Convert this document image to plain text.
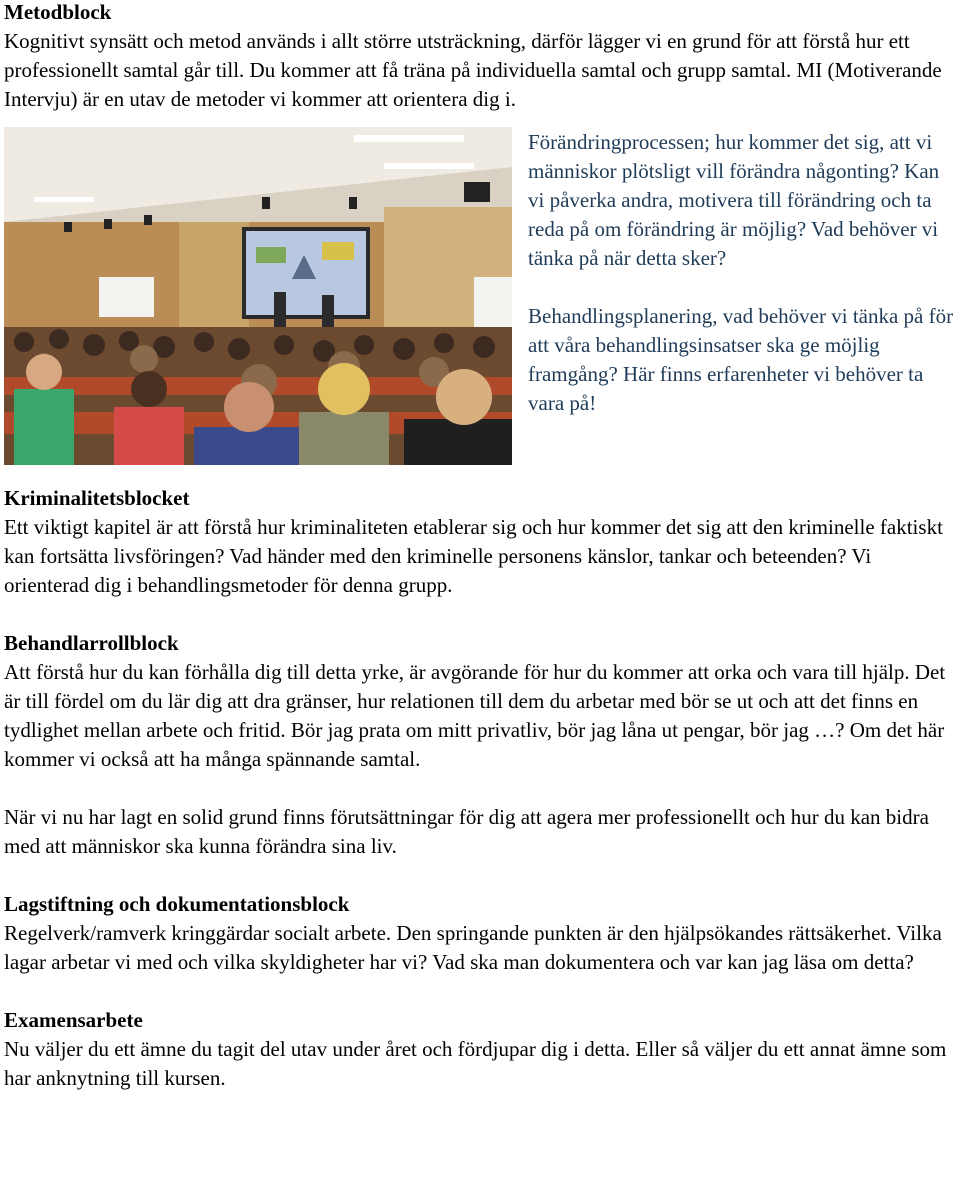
Metodblock

Kognitivt synsätt och metod används i allt större utsträckning, därför lägger vi en grund för att förstå hur ett professionellt samtal går till. Du kommer att få träna på individuella samtal och grupp samtal. MI (Motiverande Intervju) är en utav de metoder vi kommer att orientera dig i.

Förändringprocessen; hur kommer det sig, att vi människor plötsligt vill förändra någonting? Kan vi påverka andra, motivera till förändring och ta reda på om förändring är möjlig? Vad behöver vi tänka på när detta sker?

Behandlingsplanering, vad behöver vi tänka på för att våra behandlingsinsatser ska ge möjlig framgång? Här finns erfarenheter vi behöver ta vara på!

Kriminalitetsblocket

Ett viktigt kapitel är att förstå hur kriminaliteten etablerar sig och hur kommer det sig att den kriminelle faktiskt kan fortsätta livsföringen? Vad händer med den kriminelle personens känslor, tankar och beteenden? Vi orienterad dig i behandlingsmetoder för denna grupp.

Behandlarrollblock

Att förstå hur du kan förhålla dig till detta yrke, är avgörande för hur du kommer att orka och vara till hjälp. Det är till fördel om du lär dig att dra gränser, hur relationen till dem du arbetar med bör se ut och att det finns en tydlighet mellan arbete och fritid. Bör jag prata om mitt privatliv, bör jag låna ut pengar, bör jag …? Om det här kommer vi också att ha många spännande samtal.

När vi nu har lagt en solid grund finns förutsättningar för dig att agera mer professionellt och hur du kan bidra med att människor ska kunna förändra sina liv.

Lagstiftning och dokumentationsblock

Regelverk/ramverk kringgärdar socialt arbete. Den springande punkten är den hjälpsökandes rättsäkerhet. Vilka lagar arbetar vi med och vilka skyldigheter har vi? Vad ska man dokumentera och var kan jag läsa om detta?

Examensarbete

Nu väljer du ett ämne du tagit del utav under året och fördjupar dig i detta. Eller så väljer du ett annat ämne som har anknytning till kursen.
